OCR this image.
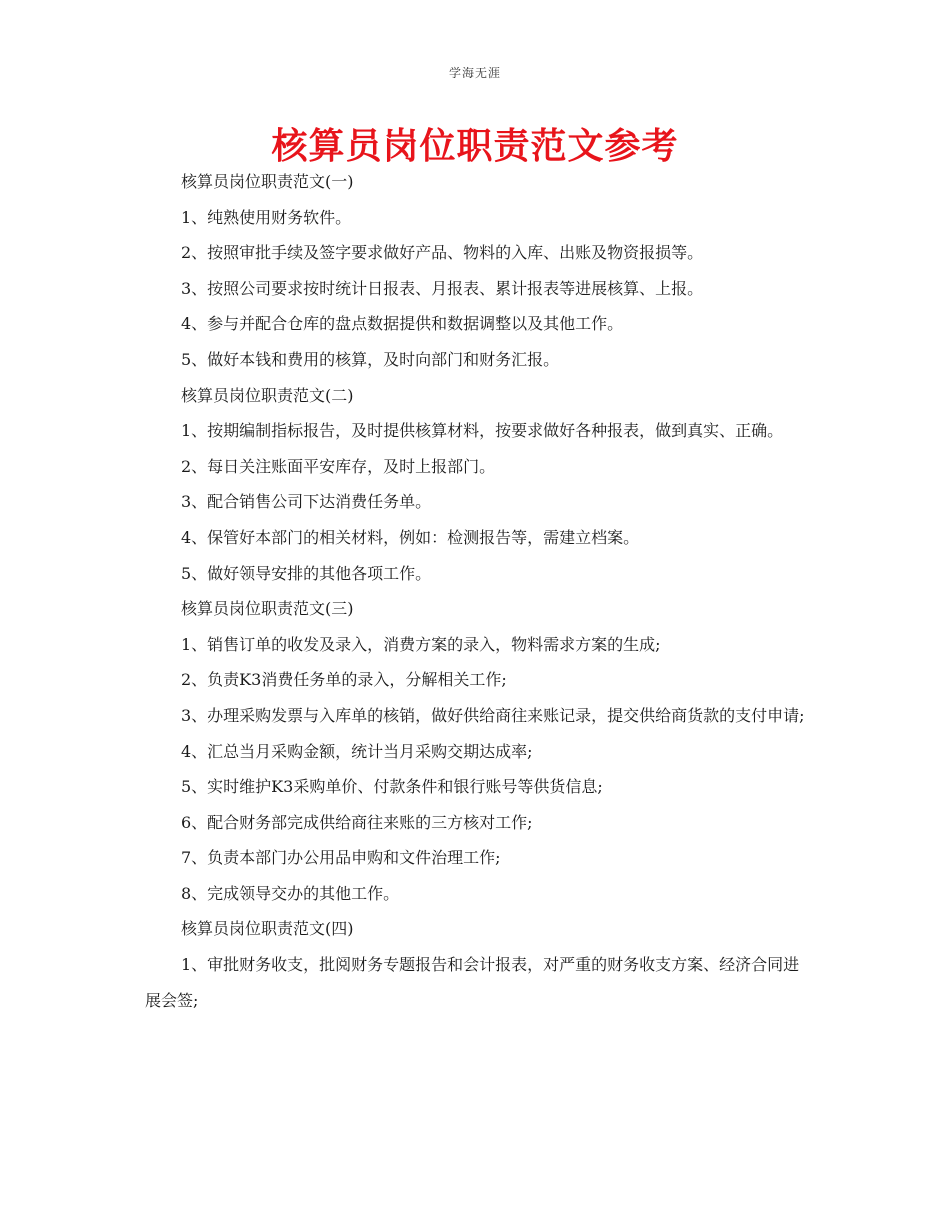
学海无涯
核算员岗位职责范文参考

核算员岗位职责范文(一)

1、纯熟使用财务软件。

2、按照审批手续及签字要求做好产品、物料的入库、出账及物资报损等。

3、按照公司要求按时统计日报表、月报表、累计报表等进展核算、上报。

4、参与并配合仓库的盘点数据提供和数据调整以及其他工作。

5、做好本钱和费用的核算，及时向部门和财务汇报。

核算员岗位职责范文(二)

1、按期编制指标报告，及时提供核算材料，按要求做好各种报表，做到真实、正确。

2、每日关注账面平安库存，及时上报部门。

3、配合销售公司下达消费任务单。

4、保管好本部门的相关材料，例如：检测报告等，需建立档案。

5、做好领导安排的其他各项工作。

核算员岗位职责范文(三)

1、销售订单的收发及录入，消费方案的录入，物料需求方案的生成;

2、负责K3消费任务单的录入，分解相关工作;

3、办理采购发票与入库单的核销，做好供给商往来账记录，提交供给商货款的支付申请;

4、汇总当月采购金额，统计当月采购交期达成率;

5、实时维护K3采购单价、付款条件和银行账号等供货信息;

6、配合财务部完成供给商往来账的三方核对工作;

7、负责本部门办公用品申购和文件治理工作;

8、完成领导交办的其他工作。

核算员岗位职责范文(四)

1、审批财务收支，批阅财务专题报告和会计报表，对严重的财务收支方案、经济合同进展会签;
